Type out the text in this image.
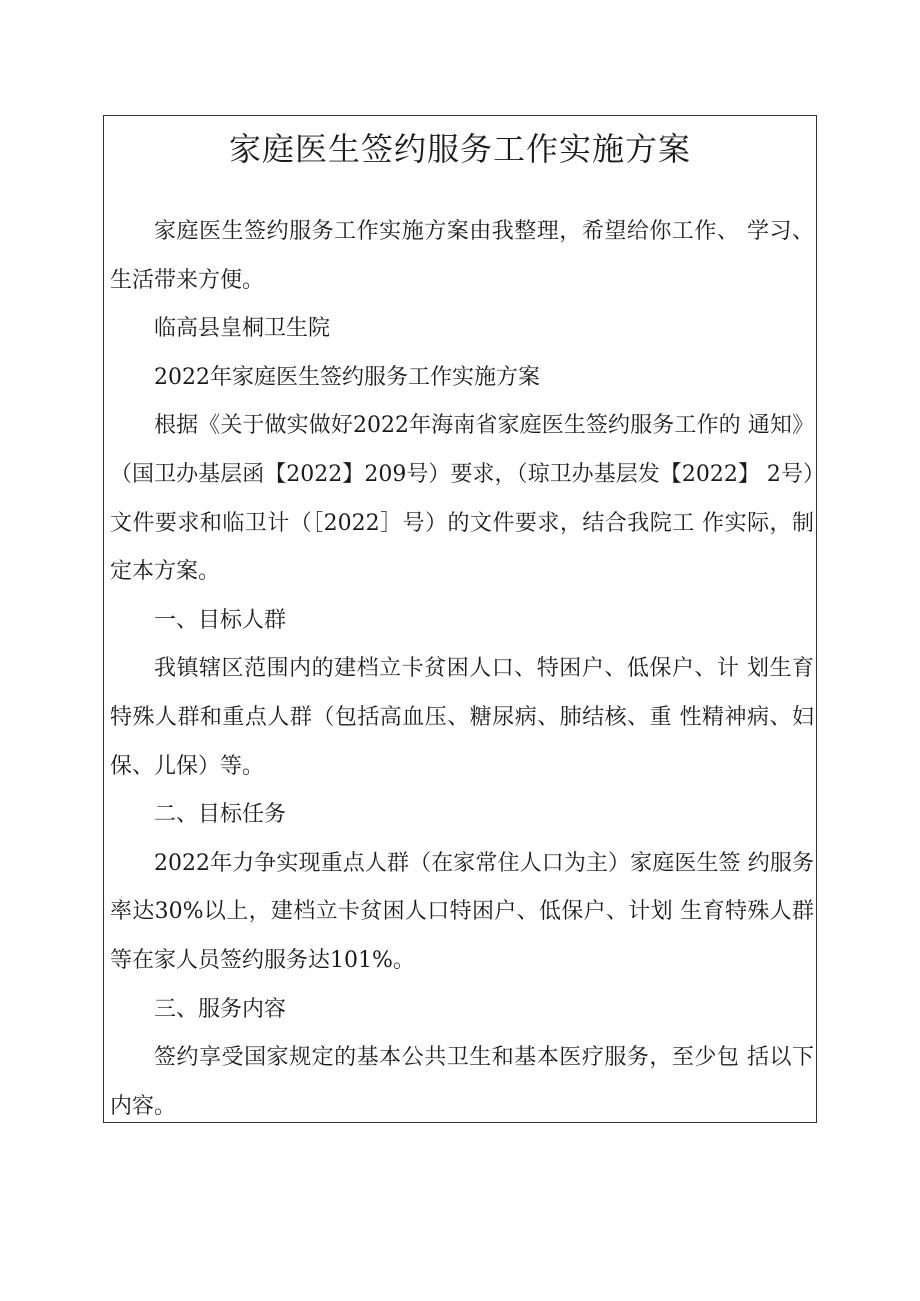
家庭医生签约服务工作实施方案

家庭医生签约服务工作实施方案由我整理，希望给你工作、 学习、生活带来方便。

临高县皇桐卫生院

2022年家庭医生签约服务工作实施方案

根据《关于做实做好2022年海南省家庭医生签约服务工作的 通知》（国卫办基层函【2022】209号）要求，（琼卫办基层发【2022】 2号）文件要求和临卫计（［2022］号）的文件要求，结合我院工 作实际，制定本方案。

一、目标人群

我镇辖区范围内的建档立卡贫困人口、特困户、低保户、计 划生育特殊人群和重点人群（包括高血压、糖尿病、肺结核、重 性精神病、妇保、儿保）等。

二、目标任务

2022年力争实现重点人群（在家常住人口为主）家庭医生签 约服务率达30%以上，建档立卡贫困人口特困户、低保户、计划 生育特殊人群等在家人员签约服务达101%。

三、服务内容

签约享受国家规定的基本公共卫生和基本医疗服务，至少包 括以下内容。
